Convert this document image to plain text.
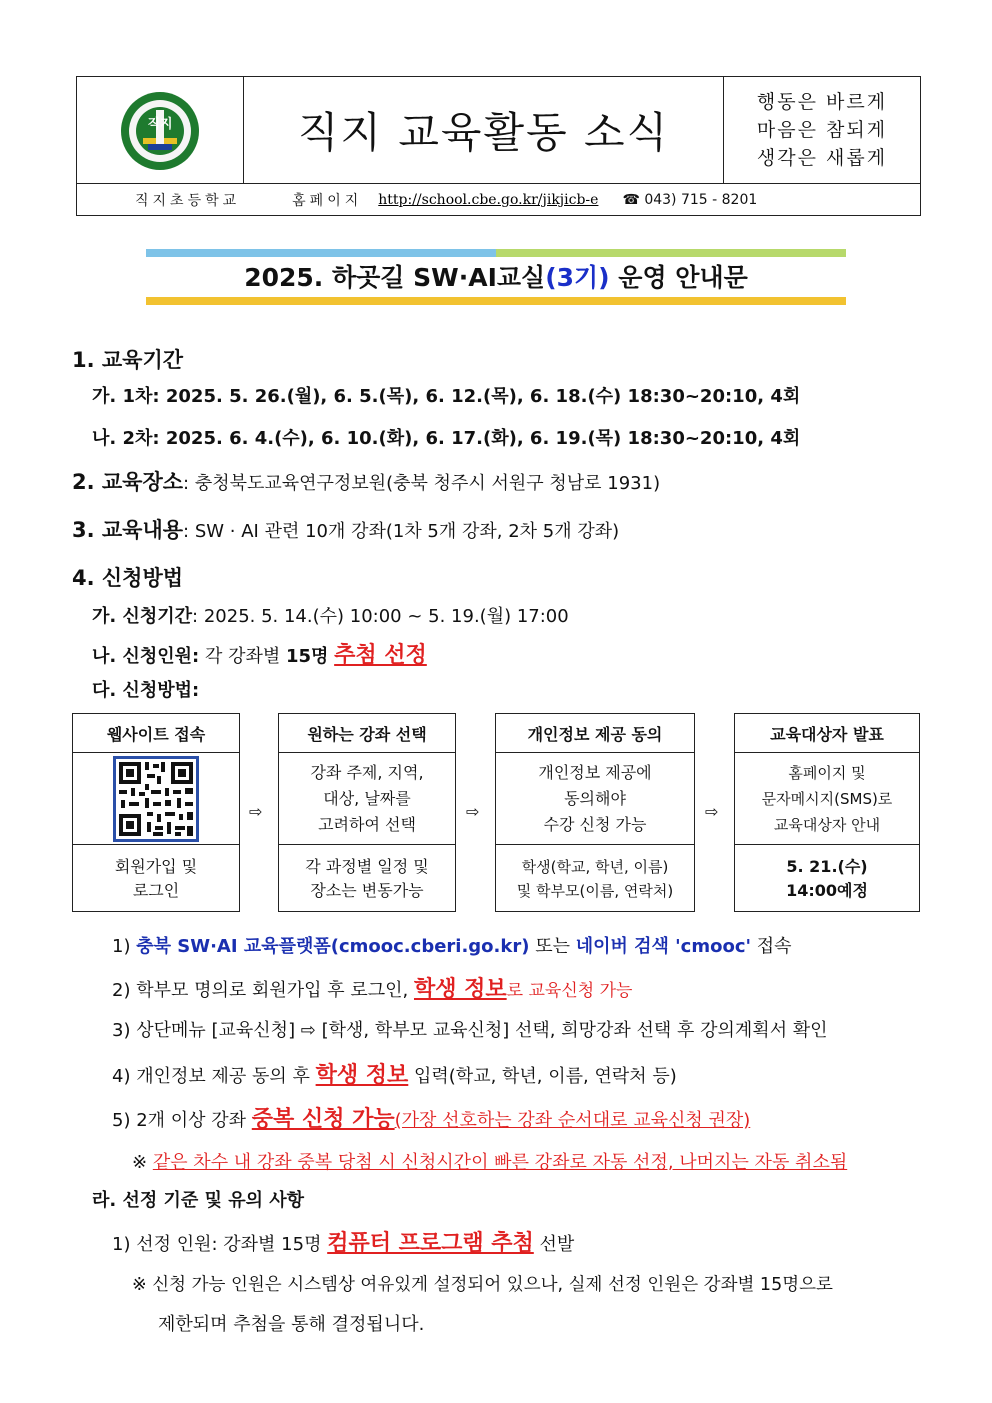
직지	직지 교육활동 소식
행동은 바르게
마음은 참되게
생각은 새롭게
직지초등학교	홈페이지 http://school.cbe.go.kr/jikjicb-e ☎ 043) 715 - 8201
2025. 하곳길 SW·AI교실(3기) 운영 안내문
1. 교육기간
가. 1차: 2025. 5. 26.(월), 6. 5.(목), 6. 12.(목), 6. 18.(수) 18:30~20:10, 4회
나. 2차: 2025. 6. 4.(수), 6. 10.(화), 6. 17.(화), 6. 19.(목) 18:30~20:10, 4회
2. 교육장소: 충청북도교육연구정보원(충북 청주시 서원구 청남로 1931)
3. 교육내용: SW · AI 관련 10개 강좌(1차 5개 강좌, 2차 5개 강좌)
4. 신청방법
가. 신청기간: 2025. 5. 14.(수) 10:00 ~ 5. 19.(월) 17:00
나. 신청인원: 각 강좌별 15명 추첨 선정
다. 신청방법:
웹사이트 접속
회원가입 및
로그인
⇨
원하는 강좌 선택
강좌 주제, 지역,
대상, 날짜를
고려하여 선택
각 과정별 일정 및
장소는 변동가능
⇨
개인정보 제공 동의
개인정보 제공에
동의해야
수강 신청 가능
학생(학교, 학년, 이름)
및 학부모(이름, 연락처)
⇨
교육대상자 발표
홈페이지 및
문자메시지(SMS)로
교육대상자 안내
5. 21.(수)
14:00예정
1) 충북 SW·AI 교육플랫폼(cmooc.cberi.go.kr) 또는 네이버 검색 'cmooc' 접속
2) 학부모 명의로 회원가입 후 로그인, 학생 정보로 교육신청 가능
3) 상단메뉴 [교육신청] ⇨ [학생, 학부모 교육신청] 선택, 희망강좌 선택 후 강의계획서 확인
4) 개인정보 제공 동의 후 학생 정보 입력(학교, 학년, 이름, 연락처 등)
5) 2개 이상 강좌 중복 신청 가능(가장 선호하는 강좌 순서대로 교육신청 권장)
※ 같은 차수 내 강좌 중복 당첨 시 신청시간이 빠른 강좌로 자동 선정, 나머지는 자동 취소됨
라. 선정 기준 및 유의 사항
1) 선정 인원: 강좌별 15명 컴퓨터 프로그램 추첨 선발
※ 신청 가능 인원은 시스템상 여유있게 설정되어 있으나, 실제 선정 인원은 강좌별 15명으로
제한되며 추첨을 통해 결정됩니다.
